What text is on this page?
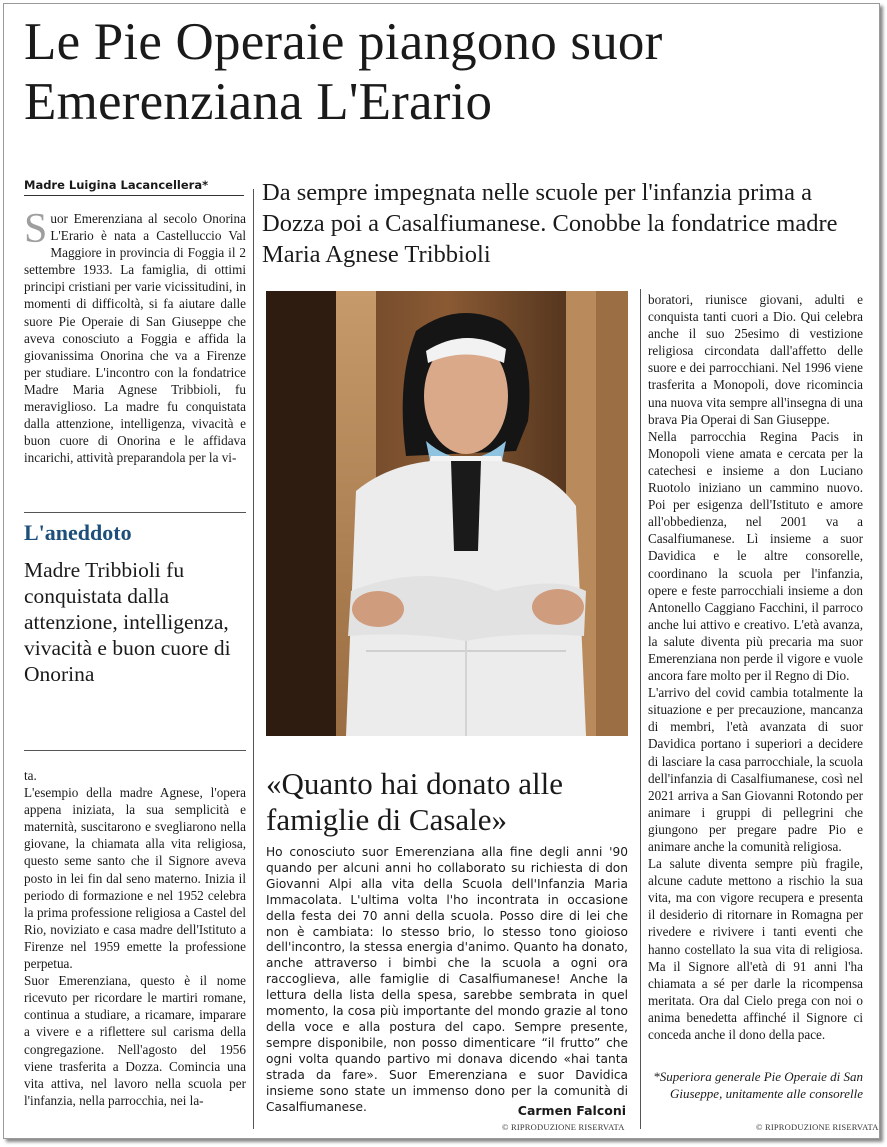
Le Pie Operaie piangono suor Emerenziana L'Erario
Madre Luigina Lacancellera* Da sempre impegnata nelle scuole per l'infanzia prima a Dozza poi a Casalfiumanese. Conobbe la fondatrice madre Maria Agnese Tribbioli
S uor Emerenziana al secolo Onorina L'Erario è nata a Castelluccio Val Maggiore in provincia di Foggia il 2 settembre 1933. La famiglia, di ottimi principi cristiani per varie vicissitudini, in momenti di difficoltà, si fa aiutare dalle suore Pie Operaie di San Giuseppe che aveva conosciuto a Foggia e affida la giovanissima Onorina che va a Firenze per studiare. L'incontro con la fondatrice Madre Maria Agnese Tribbioli, fu meraviglioso. La madre fu conquistata dalla attenzione, intelligenza, vivacità e buon cuore di Onorina e le affidava incarichi, attività preparandola per la vi-
L'aneddoto
Madre Tribbioli fu conquistata dalla attenzione, intelligenza, vivacità e buon cuore di Onorina

ta.

L'esempio della madre Agnese, l'opera appena iniziata, la sua semplicità e maternità, suscitarono e svegliarono nella giovane, la chiamata alla vita religiosa, questo seme santo che il Signore aveva posto in lei fin dal seno materno. Inizia il periodo di formazione e nel 1952 celebra la prima professione religiosa a Castel del Rio, noviziato e casa madre dell'Istituto a Firenze nel 1959 emette la professione perpetua.

Suor Emerenziana, questo è il nome ricevuto per ricordare le martiri romane, continua a studiare, a ricamare, imparare a vivere e a riflettere sul carisma della congregazione. Nell'agosto del 1956 viene trasferita a Dozza. Comincia una vita attiva, nel lavoro nella scuola per l'infanzia, nella parrocchia, nei la-

«Quanto hai donato alle famiglie di Casale»
Ho conosciuto suor Emerenziana alla fine degli anni '90 quando per alcuni anni ho collaborato su richiesta di don Giovanni Alpi alla vita della Scuola dell'Infanzia Maria Immacolata. L'ultima volta l'ho incontrata in occasione della festa dei 70 anni della scuola. Posso dire di lei che non è cambiata: lo stesso brio, lo stesso tono gioioso dell'incontro, la stessa energia d'animo. Quanto ha donato, anche attraverso i bimbi che la scuola a ogni ora raccoglieva, alle famiglie di Casalfiumanese! Anche la lettura della lista della spesa, sarebbe sembrata in quel momento, la cosa più importante del mondo grazie al tono della voce e alla postura del capo. Sempre presente, sempre disponibile, non posso dimenticare “il frutto” che ogni volta quando partivo mi donava dicendo «hai tanta strada da fare». Suor Emerenziana e suor Davidica insieme sono state un immenso dono per la comunità di Casalfiumanese.	Carmen Falconi
© RIPRODUZIONE RISERVATA

boratori, riunisce giovani, adulti e conquista tanti cuori a Dio. Qui celebra anche il suo 25esimo di vestizione religiosa circondata dall'affetto delle suore e dei parrocchiani. Nel 1996 viene trasferita a Monopoli, dove ricomincia una nuova vita sempre all'insegna di una brava Pia Operai di San Giuseppe.

Nella parrocchia Regina Pacis in Monopoli viene amata e cercata per la catechesi e insieme a don Luciano Ruotolo iniziano un cammino nuovo. Poi per esigenza dell'Istituto e amore all'obbedienza, nel 2001 va a Casalfiumanese. Lì insieme a suor Davidica e le altre consorelle, coordinano la scuola per l'infanzia, opere e feste parrocchiali insieme a don Antonello Caggiano Facchini, il parroco anche lui attivo e creativo. L'età avanza, la salute diventa più precaria ma suor Emerenziana non perde il vigore e vuole ancora fare molto per il Regno di Dio.

L'arrivo del covid cambia totalmente la situazione e per precauzione, mancanza di membri, l'età avanzata di suor Davidica portano i superiori a decidere di lasciare la casa parrocchiale, la scuola dell'infanzia di Casalfiumanese, così nel 2021 arriva a San Giovanni Rotondo per animare i gruppi di pellegrini che giungono per pregare padre Pio e animare anche la comunità religiosa.

La salute diventa sempre più fragile, alcune cadute mettono a rischio la sua vita, ma con vigore recupera e presenta il desiderio di ritornare in Romagna per rivedere e rivivere i tanti eventi che hanno costellato la sua vita di religiosa. Ma il Signore all'età di 91 anni l'ha chiamata a sé per darle la ricompensa meritata. Ora dal Cielo prega con noi o anima benedetta affinché il Signore ci conceda anche il dono della pace.

*Superiora generale Pie Operaie di San Giuseppe, unitamente alle consorelle
© RIPRODUZIONE RISERVATA
